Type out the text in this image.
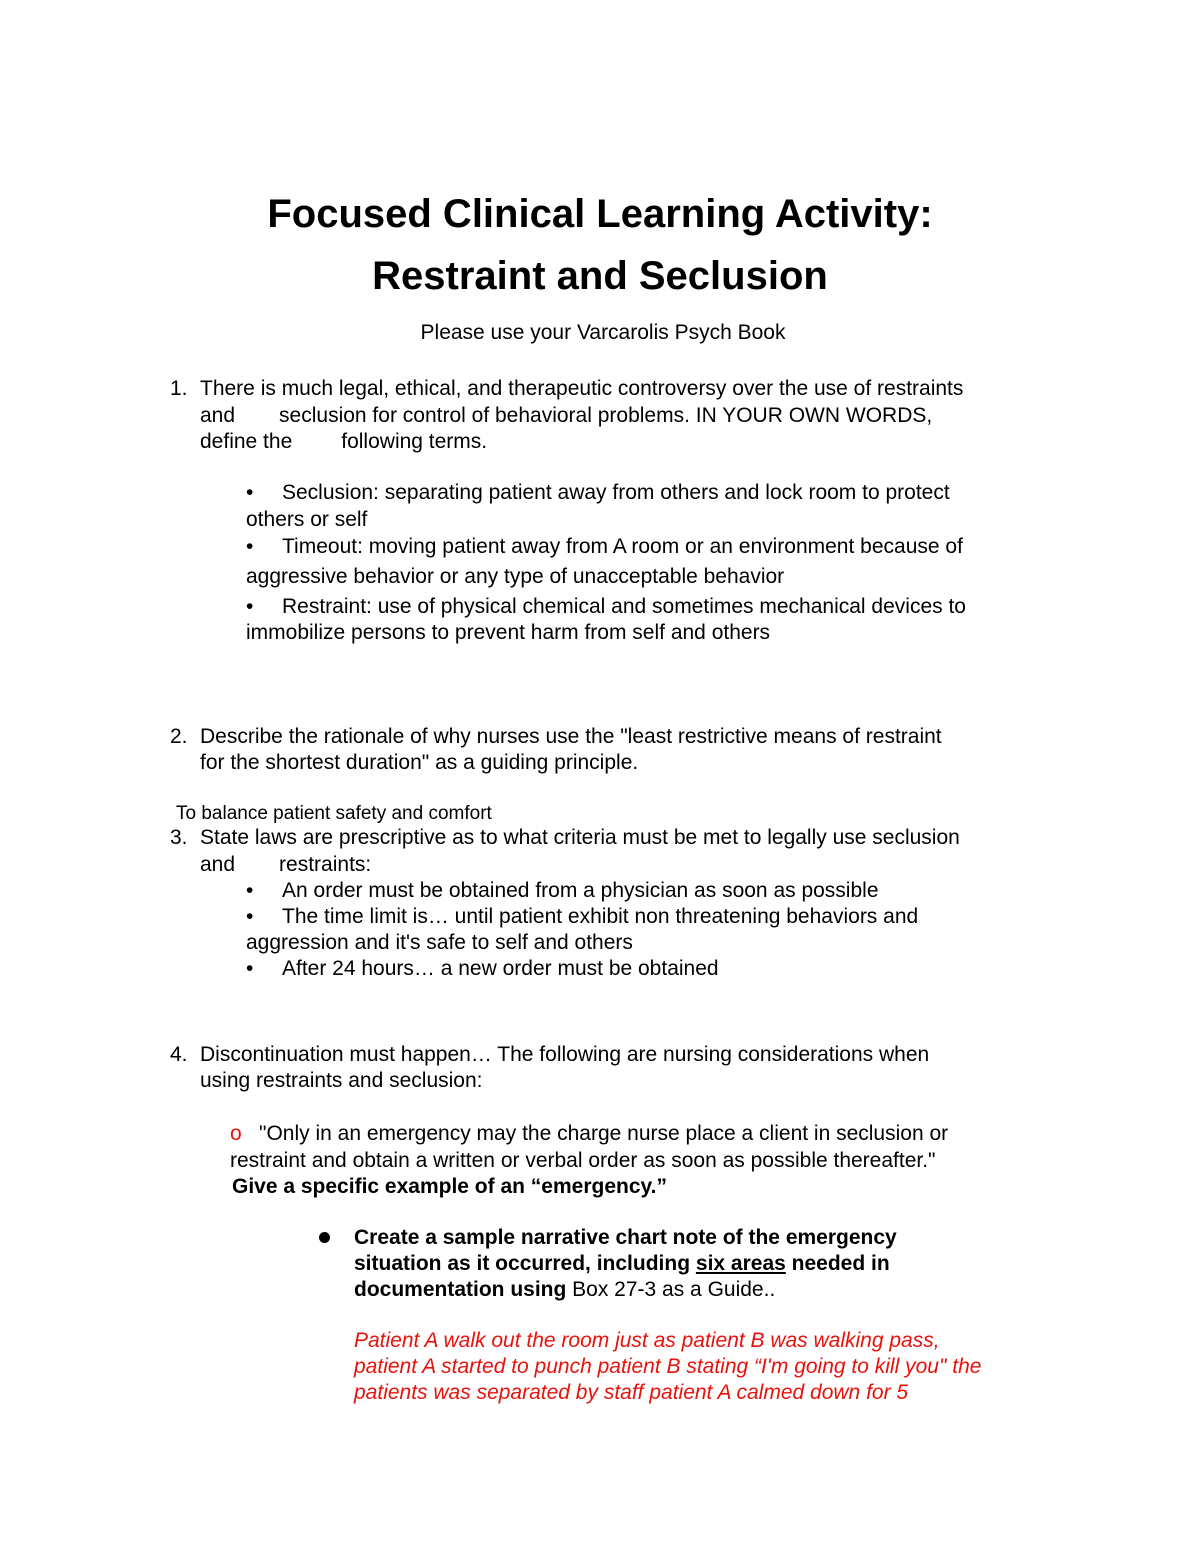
Focused Clinical Learning Activity:
Restraint and Seclusion
Please use your Varcarolis Psych Book
1. There is much legal, ethical, and therapeutic controversy over the use of restraints
and seclusion for control of behavioral problems. IN YOUR OWN WORDS,
define the following terms.
• Seclusion: separating patient away from others and lock room to protect
others or self
• Timeout: moving patient away from A room or an environment because of
aggressive behavior or any type of unacceptable behavior
• Restraint: use of physical chemical and sometimes mechanical devices to
immobilize persons to prevent harm from self and others
2. Describe the rationale of why nurses use the "least restrictive means of restraint
for the shortest duration" as a guiding principle.
To balance patient safety and comfort
3. State laws are prescriptive as to what criteria must be met to legally use seclusion
and restraints:
• An order must be obtained from a physician as soon as possible
• The time limit is… until patient exhibit non threatening behaviors and
aggression and it's safe to self and others
• After 24 hours… a new order must be obtained
4. Discontinuation must happen… The following are nursing considerations when
using restraints and seclusion:
o "Only in an emergency may the charge nurse place a client in seclusion or
restraint and obtain a written or verbal order as soon as possible thereafter."
Give a specific example of an “emergency.”
Create a sample narrative chart note of the emergency
situation as it occurred, including six areas needed in
documentation using Box 27-3 as a Guide..
Patient A walk out the room just as patient B was walking pass,
patient A started to punch patient B stating “I'm going to kill you" the
patients was separated by staff patient A calmed down for 5
